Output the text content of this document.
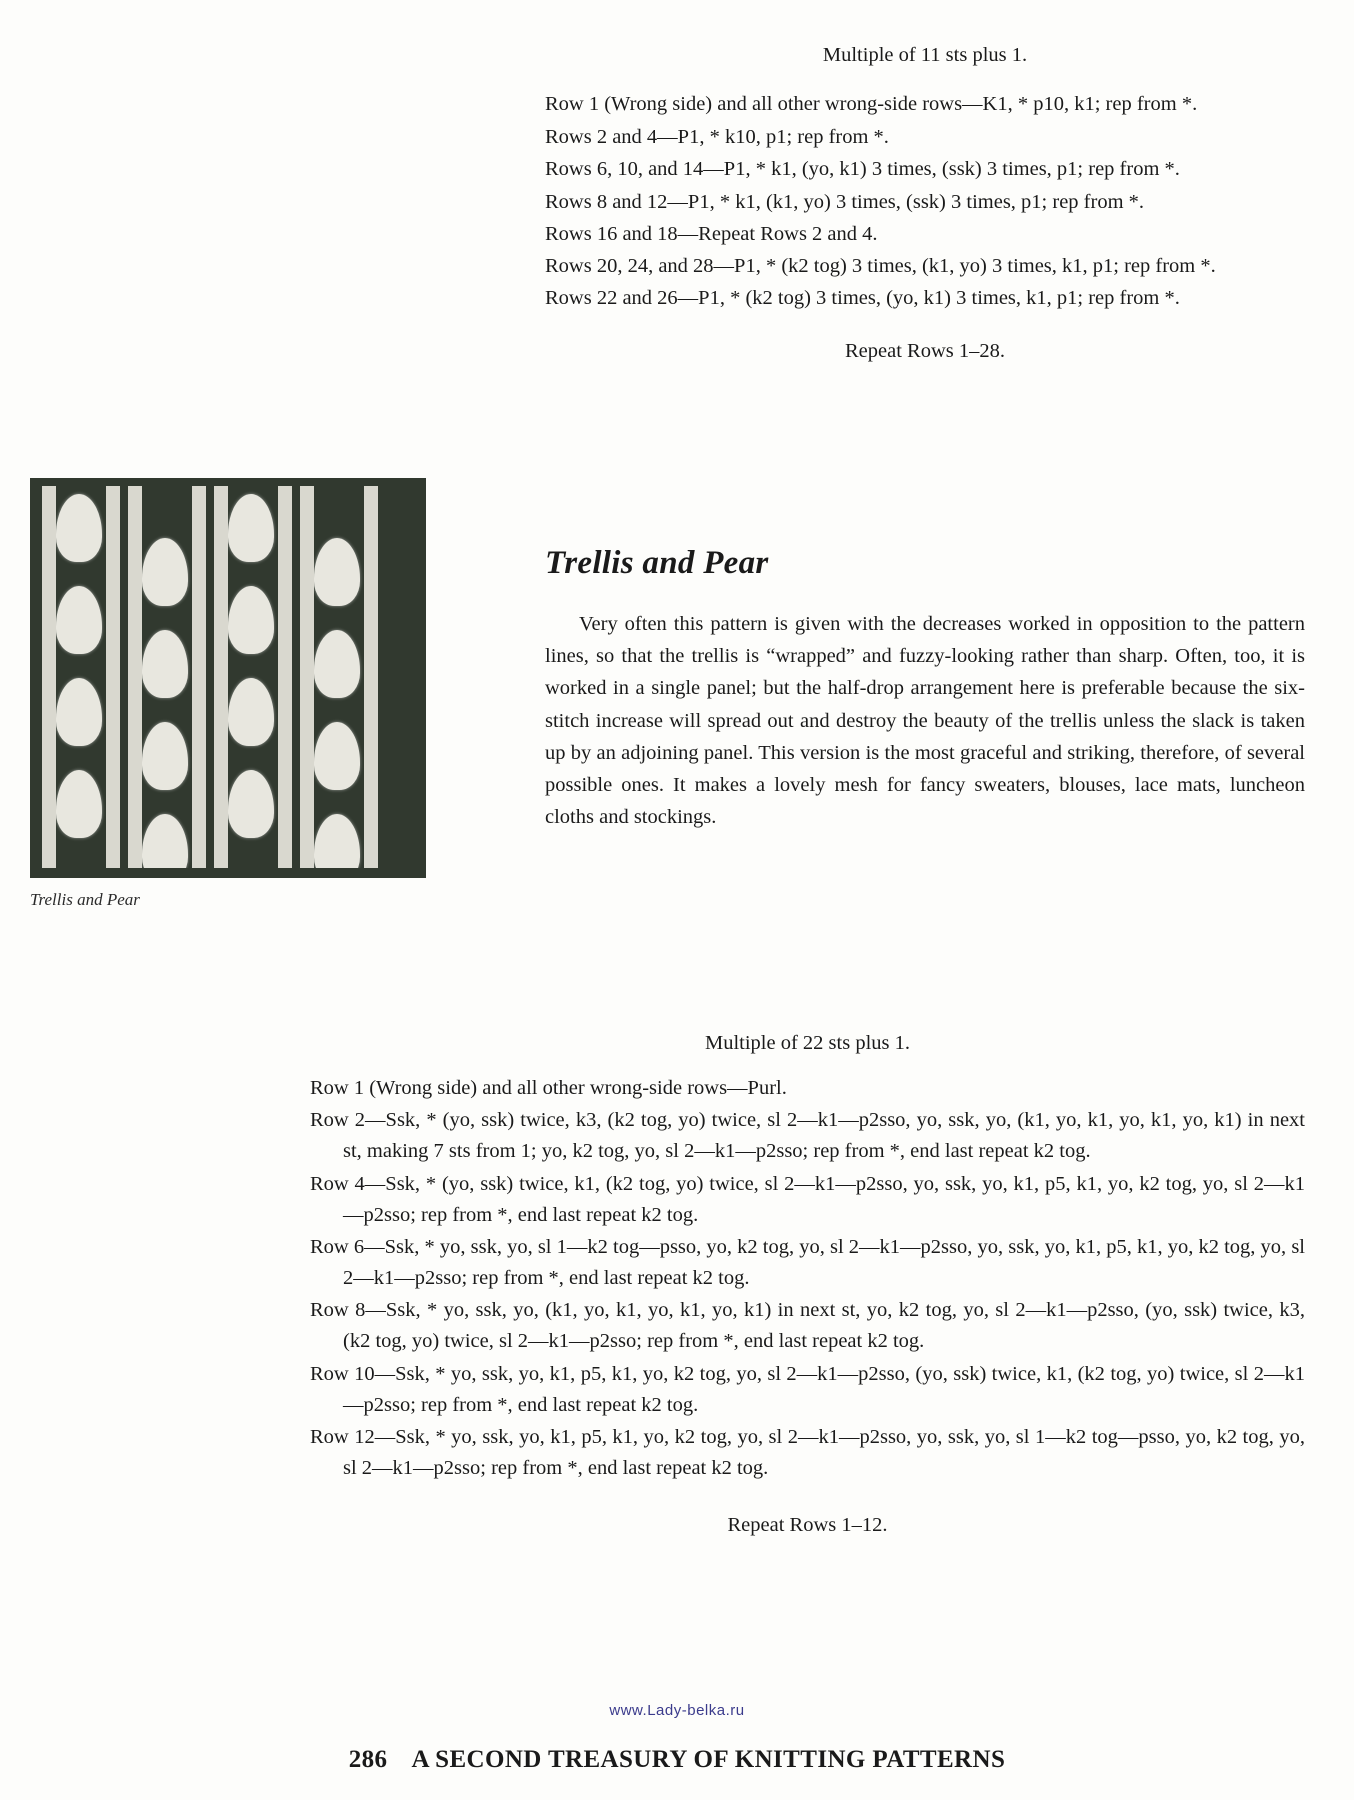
Multiple of 11 sts plus 1.
Row 1 (Wrong side) and all other wrong-side rows—K1, * p10, k1; rep from *.
Rows 2 and 4—P1, * k10, p1; rep from *.
Rows 6, 10, and 14—P1, * k1, (yo, k1) 3 times, (ssk) 3 times, p1; rep from *.
Rows 8 and 12—P1, * k1, (k1, yo) 3 times, (ssk) 3 times, p1; rep from *.
Rows 16 and 18—Repeat Rows 2 and 4.
Rows 20, 24, and 28—P1, * (k2 tog) 3 times, (k1, yo) 3 times, k1, p1; rep from *.
Rows 22 and 26—P1, * (k2 tog) 3 times, (yo, k1) 3 times, k1, p1; rep from *.
Repeat Rows 1–28.
Trellis and Pear
Trellis and Pear

Very often this pattern is given with the decreases worked in opposition to the pattern lines, so that the trellis is “wrapped” and fuzzy-looking rather than sharp. Often, too, it is worked in a single panel; but the half-drop arrangement here is preferable because the six-stitch increase will spread out and destroy the beauty of the trellis unless the slack is taken up by an adjoining panel. This version is the most graceful and striking, therefore, of several possible ones. It makes a lovely mesh for fancy sweaters, blouses, lace mats, luncheon cloths and stockings.

Multiple of 22 sts plus 1.
Row 1 (Wrong side) and all other wrong-side rows—Purl.
Row 2—Ssk, * (yo, ssk) twice, k3, (k2 tog, yo) twice, sl 2—k1—p2sso, yo, ssk, yo, (k1, yo, k1, yo, k1, yo, k1) in next st, making 7 sts from 1; yo, k2 tog, yo, sl 2—k1—p2sso; rep from *, end last repeat k2 tog.
Row 4—Ssk, * (yo, ssk) twice, k1, (k2 tog, yo) twice, sl 2—k1—p2sso, yo, ssk, yo, k1, p5, k1, yo, k2 tog, yo, sl 2—k1—p2sso; rep from *, end last repeat k2 tog.
Row 6—Ssk, * yo, ssk, yo, sl 1—k2 tog—psso, yo, k2 tog, yo, sl 2—k1—p2sso, yo, ssk, yo, k1, p5, k1, yo, k2 tog, yo, sl 2—k1—p2sso; rep from *, end last repeat k2 tog.
Row 8—Ssk, * yo, ssk, yo, (k1, yo, k1, yo, k1, yo, k1) in next st, yo, k2 tog, yo, sl 2—k1—p2sso, (yo, ssk) twice, k3, (k2 tog, yo) twice, sl 2—k1—p2sso; rep from *, end last repeat k2 tog.
Row 10—Ssk, * yo, ssk, yo, k1, p5, k1, yo, k2 tog, yo, sl 2—k1—p2sso, (yo, ssk) twice, k1, (k2 tog, yo) twice, sl 2—k1—p2sso; rep from *, end last repeat k2 tog.
Row 12—Ssk, * yo, ssk, yo, k1, p5, k1, yo, k2 tog, yo, sl 2—k1—p2sso, yo, ssk, yo, sl 1—k2 tog—psso, yo, k2 tog, yo, sl 2—k1—p2sso; rep from *, end last repeat k2 tog.
Repeat Rows 1–12.
www.Lady-belka.ru
286 A SECOND TREASURY OF KNITTING PATTERNS
